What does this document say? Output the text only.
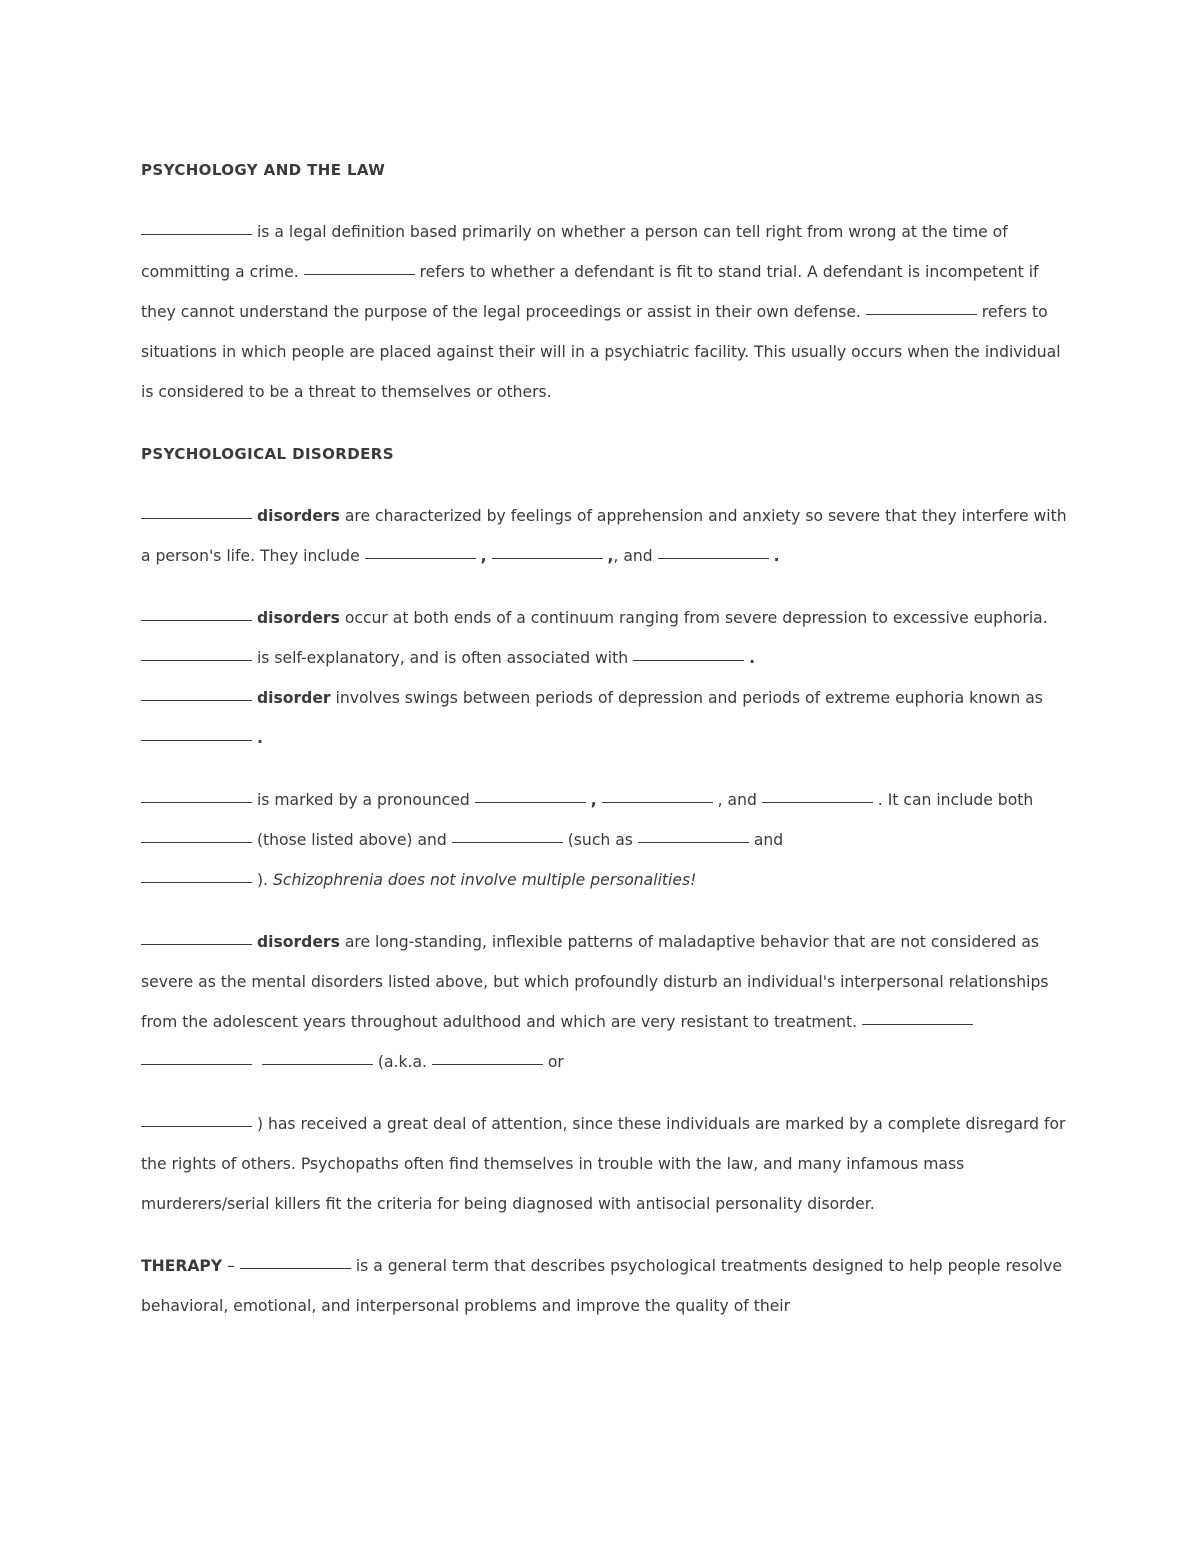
PSYCHOLOGY AND THE LAW

is a legal definition based primarily on whether a person can tell right from wrong at the time of committing a crime.	refers to whether a defendant is fit to stand trial. A defendant is incompetent if they cannot understand the purpose of the legal proceedings or assist in their own defense.	refers to situations in which people are placed against their will in a psychiatric facility. This usually occurs when the individual is considered to be a threat to themselves or others.

PSYCHOLOGICAL DISORDERS

disorders are characterized by feelings of apprehension and anxiety so severe that they interfere with a person's life. They include	,	,, and	.

disorders occur at both ends of a continuum ranging from severe depression to excessive euphoria.  is self-explanatory, and is often associated with	.
disorder involves swings between periods of depression and periods of extreme euphoria known as  .

is marked by a pronounced	,	, and	. It can include both  (those listed above) and	(such as	and
). Schizophrenia does not involve multiple personalities!

disorders are long-standing, inflexible patterns of maladaptive behavior that are not considered as severe as the mental disorders listed above, but which profoundly disturb an individual's interpersonal relationships from the adolescent years throughout adulthood and which are very resistant to treatment.       (a.k.a.	or

) has received a great deal of attention, since these individuals are marked by a complete disregard for the rights of others. Psychopaths often find themselves in trouble with the law, and many infamous mass murderers/serial killers fit the criteria for being diagnosed with antisocial personality disorder.

THERAPY –	is a general term that describes psychological treatments designed to help people resolve behavioral, emotional, and interpersonal problems and improve the quality of their
